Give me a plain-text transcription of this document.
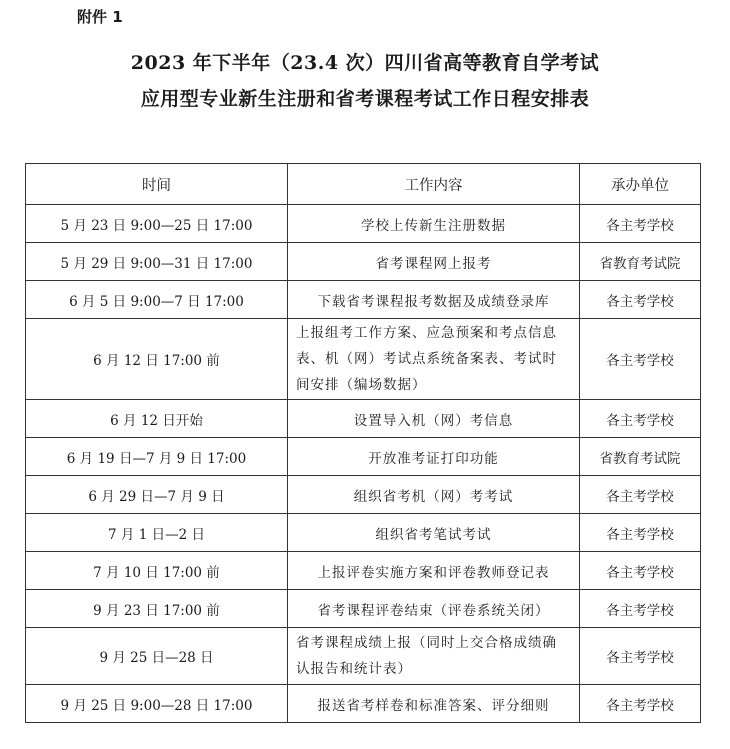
附件 1
2023 年下半年（23.4 次）四川省高等教育自学考试
应用型专业新生注册和省考课程考试工作日程安排表
时间	工作内容	承办单位
5 月 23 日 9:00—25 日 17:00	学校上传新生注册数据	各主考学校
5 月 29 日 9:00—31 日 17:00	省考课程网上报考	省教育考试院
6 月 5 日 9:00—7 日 17:00	下载省考课程报考数据及成绩登录库	各主考学校
6 月 12 日 17:00 前	上报组考工作方案、应急预案和考点信息表、机（网）考试点系统备案表、考试时间安排（编场数据）	各主考学校
6 月 12 日开始	设置导入机（网）考信息	各主考学校
6 月 19 日—7 月 9 日 17:00	开放准考证打印功能	省教育考试院
6 月 29 日—7 月 9 日	组织省考机（网）考考试	各主考学校
7 月 1 日—2 日	组织省考笔试考试	各主考学校
7 月 10 日 17:00 前	上报评卷实施方案和评卷教师登记表	各主考学校
9 月 23 日 17:00 前	省考课程评卷结束（评卷系统关闭）	各主考学校
9 月 25 日—28 日	省考课程成绩上报（同时上交合格成绩确认报告和统计表）	各主考学校
9 月 25 日 9:00—28 日 17:00	报送省考样卷和标准答案、评分细则	各主考学校
